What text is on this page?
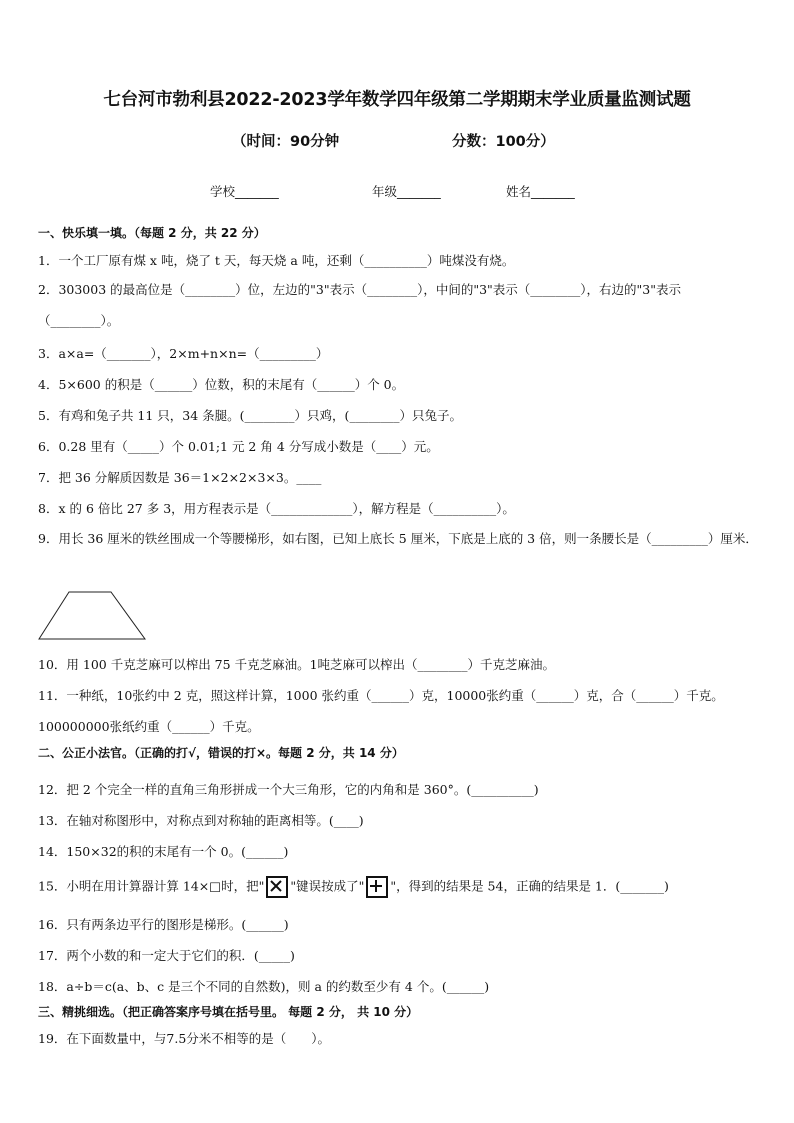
七台河市勃利县2022-2023学年数学四年级第二学期期末学业质量监测试题
（时间：90分钟	分数：100分）
学校_______	年级_______	姓名_______
一、快乐填一填。（每题 2 分，共 22 分）
1．一个工厂原有煤 x 吨，烧了 t 天，每天烧 a 吨，还剩（__________）吨煤没有烧。
2．303003 的最高位是（________）位，左边的"3"表示（________），中间的"3"表示（________），右边的"3"表示（________）。
3．a×a=（_______），2×m+n×n=（_________）
4．5×600 的积是（______）位数，积的末尾有（______）个 0。
5．有鸡和兔子共 11 只，34 条腿。(________）只鸡，(________）只兔子。
6．0.28 里有（_____）个 0.01;1 元 2 角 4 分写成小数是（____）元。
7．把 36 分解质因数是 36＝1×2×2×3×3。____
8．x 的 6 倍比 27 多 3，用方程表示是（_____________），解方程是（__________）。
9．用长 36 厘米的铁丝围成一个等腰梯形，如右图，已知上底长 5 厘米，下底是上底的 3 倍，则一条腰长是（_________）厘米．
10．用 100 千克芝麻可以榨出 75 千克芝麻油。1吨芝麻可以榨出（________）千克芝麻油。
11．一种纸，10张约中 2 克，照这样计算，1000 张约重（______）克，10000张约重（______）克，合（______）千克。100000000张纸约重（______）千克。
二、公正小法官。（正确的打√，错误的打×。每题 2 分，共 14 分）
12．把 2 个完全一样的直角三角形拼成一个大三角形，它的内角和是 360°。(__________)
13．在轴对称图形中，对称点到对称轴的距离相等。(____)
14．150×32的积的末尾有一个 0。(______)
15．小明在用计算器计算 14×□时，把" "键误按成了" "，得到的结果是 54，正确的结果是 1．(_______)
16．只有两条边平行的图形是梯形。(______)
17．两个小数的和一定大于它们的积．(_____)
18．a÷b＝c(a、b、c 是三个不同的自然数)，则 a 的约数至少有 4 个。(______)
三、精挑细选。（把正确答案序号填在括号里。 每题 2 分， 共 10 分）
19．在下面数量中，与7.5分米不相等的是（　　）。
